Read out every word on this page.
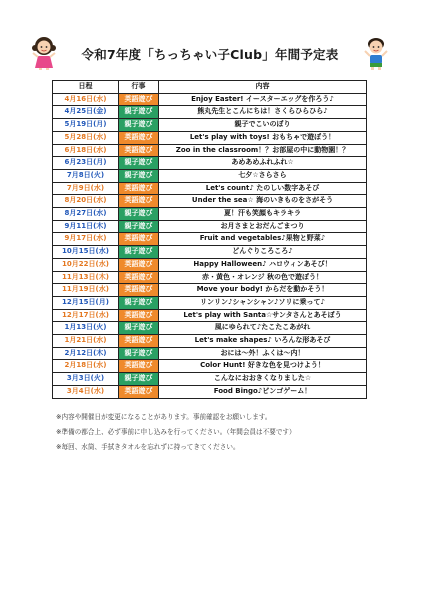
令和7年度「ちっちゃい子Club」年間予定表
日程	行事	内容
4月16日(水)	英語遊び	Enjoy Easter! イースターエッグを作ろう♪
4月25日(金)	親子遊び	熊丸先生とこんにちは！さくらひらひら♪
5月19日(月)	親子遊び	親子でこいのぼり
5月28日(水)	英語遊び	Let's play with toys! おもちゃで遊ぼう！
6月18日(水)	英語遊び	Zoo in the classroom！？お部屋の中に動物園！？
6月23日(月)	親子遊び	あめあめふれふれ☆
7月8日(火)	親子遊び	七夕☆さらさら
7月9日(水)	英語遊び	Let's count♪ たのしい数字あそび
8月20日(水)	英語遊び	Under the sea☆ 海のいきものをさがそう
8月27日(水)	親子遊び	夏！汗も笑顔もキラキラ
9月11日(木)	親子遊び	お月さまとおだんごまつり
9月17日(水)	英語遊び	Fruit and vegetables♪果物と野菜♪
10月15日(水)	親子遊び	どんぐりころころ♪
10月22日(水)	英語遊び	Happy Halloween♪ ハロウィンあそび！
11月13日(木)	英語遊び	赤・黄色・オレンジ 秋の色で遊ぼう！
11月19日(水)	英語遊び	Move your body! からだを動かそう！
12月15日(月)	親子遊び	リンリン♪シャンシャン♪ソリに乗って♪
12月17日(水)	英語遊び	Let's play with Santa☆サンタさんとあそぼう
1月13日(火)	親子遊び	風にゆられて♪たこたこあがれ
1月21日(水)	英語遊び	Let's make shapes♪ いろんな形あそび
2月12日(木)	親子遊び	おには～外！ふくは～内！
2月18日(水)	英語遊び	Color Hunt! 好きな色を見つけよう！
3月3日(火)	親子遊び	こんなにおおきくなりました☆
3月4日(水)	英語遊び	Food Bingo♪ビンゴゲーム！
※内容や開催日が変更になることがあります。事前確認をお願いします。
※準備の都合上、必ず事前に申し込みを行ってください。（年間会員は不要です）
※毎回、水筒、手拭きタオルを忘れずに持ってきてください。
